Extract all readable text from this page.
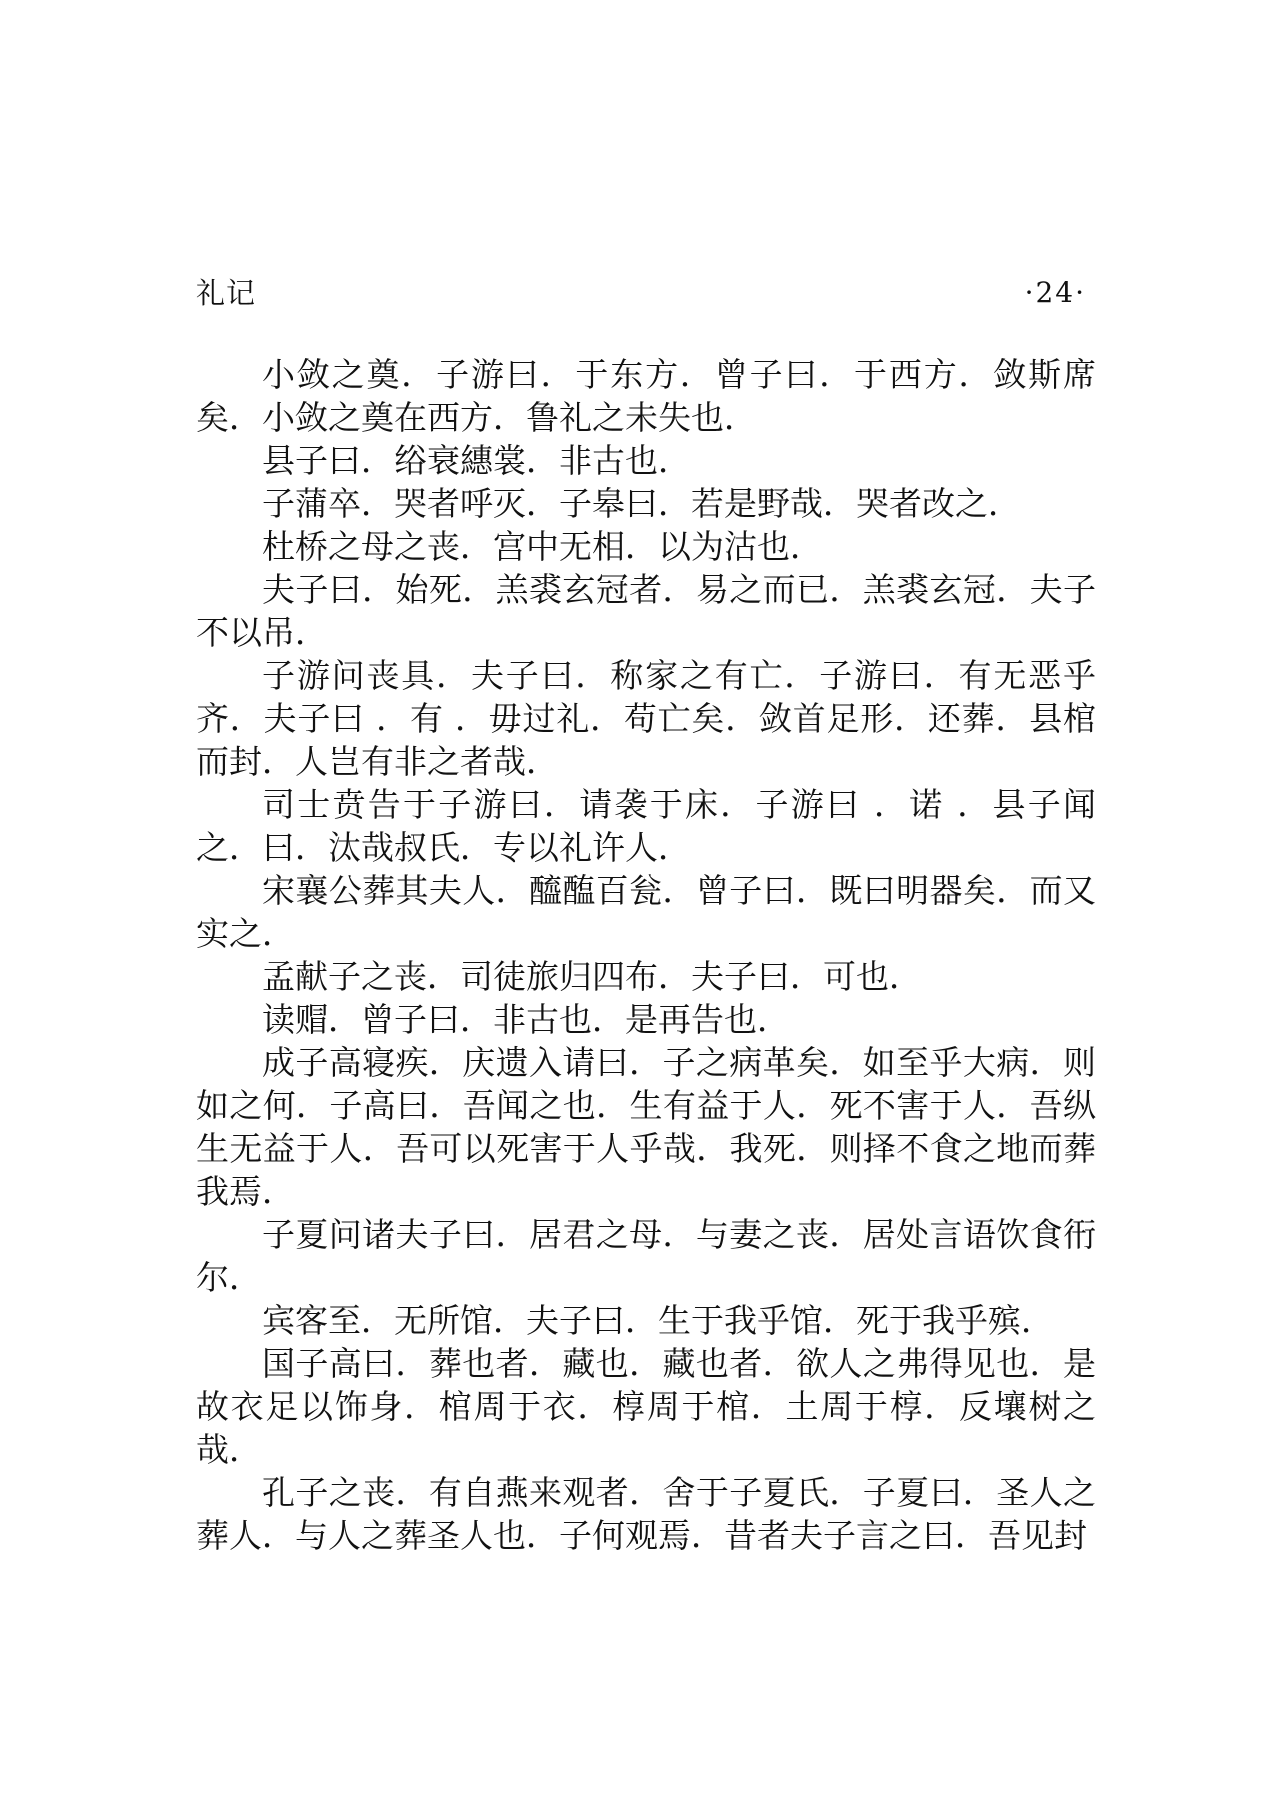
礼记	·24·

小敛之奠．子游曰．于东方．曾子曰．于西方．敛斯席矣．小敛之奠在西方．鲁礼之未失也．

县子曰．绤衰繐裳．非古也．

子蒲卒．哭者呼灭．子皋曰．若是野哉．哭者改之．

杜桥之母之丧．宫中无相．以为沽也．

夫子曰．始死．羔裘玄冠者．易之而已．羔裘玄冠．夫子不以吊．

子游问丧具．夫子曰．称家之有亡．子游曰．有无恶乎齐．夫子曰 ．有 ．毋过礼．苟亡矣．敛首足形．还葬．县棺而封．人岂有非之者哉．

司士贲告于子游曰．请袭于床．子游曰 ．诺 ．县子闻之．曰．汰哉叔氏．专以礼许人．

宋襄公葬其夫人．醯醢百瓮．曾子曰．既曰明器矣．而又实之．

孟献子之丧．司徒旅归四布．夫子曰．可也．

读赗．曾子曰．非古也．是再告也．

成子高寝疾．庆遗入请曰．子之病革矣．如至乎大病．则如之何．子高曰．吾闻之也．生有益于人．死不害于人．吾纵生无益于人．吾可以死害于人乎哉．我死．则择不食之地而葬我焉．

子夏问诸夫子曰．居君之母．与妻之丧．居处言语饮食衎尔．

宾客至．无所馆．夫子曰．生于我乎馆．死于我乎殡．

国子高曰．葬也者．藏也．藏也者．欲人之弗得见也．是故衣足以饰身．棺周于衣．椁周于棺．土周于椁．反壤树之哉．

孔子之丧．有自燕来观者．舍于子夏氏．子夏曰．圣人之葬人．与人之葬圣人也．子何观焉．昔者夫子言之曰．吾见封
